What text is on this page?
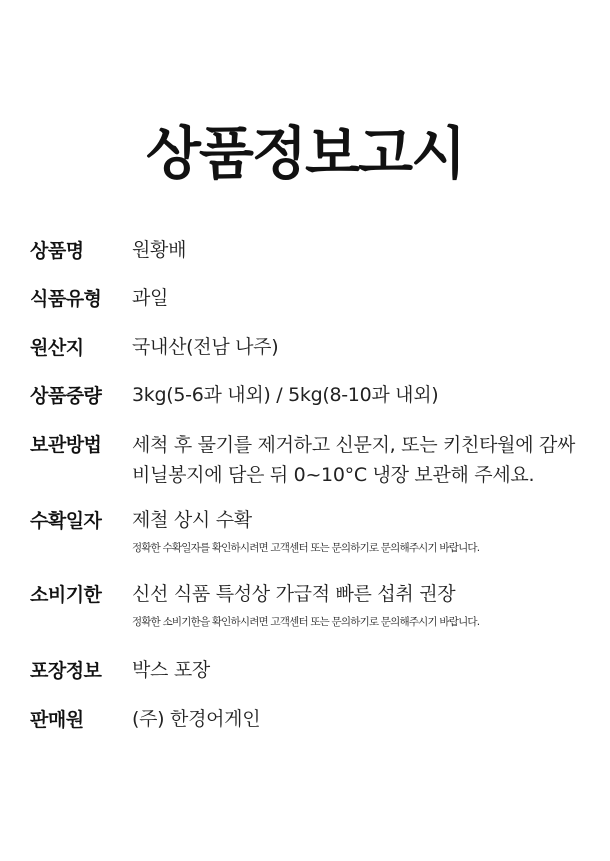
상품정보고시
상품명	원황배
식품유형 과일
원산지	국내산(전남 나주)
상품중량 3kg(5-6과 내외) / 5kg(8-10과 내외)
보관방법 세척 후 물기를 제거하고 신문지, 또는 키친타월에 감싸
비닐봉지에 담은 뒤 0~10°C 냉장 보관해 주세요.
수확일자 제철 상시 수확
정확한 수확일자를 확인하시려면 고객센터 또는 문의하기로 문의해주시기 바랍니다.
소비기한 신선 식품 특성상 가급적 빠른 섭취 권장
정확한 소비기한을 확인하시려면 고객센터 또는 문의하기로 문의해주시기 바랍니다.
포장정보 박스 포장
판매원	(주) 한경어게인
